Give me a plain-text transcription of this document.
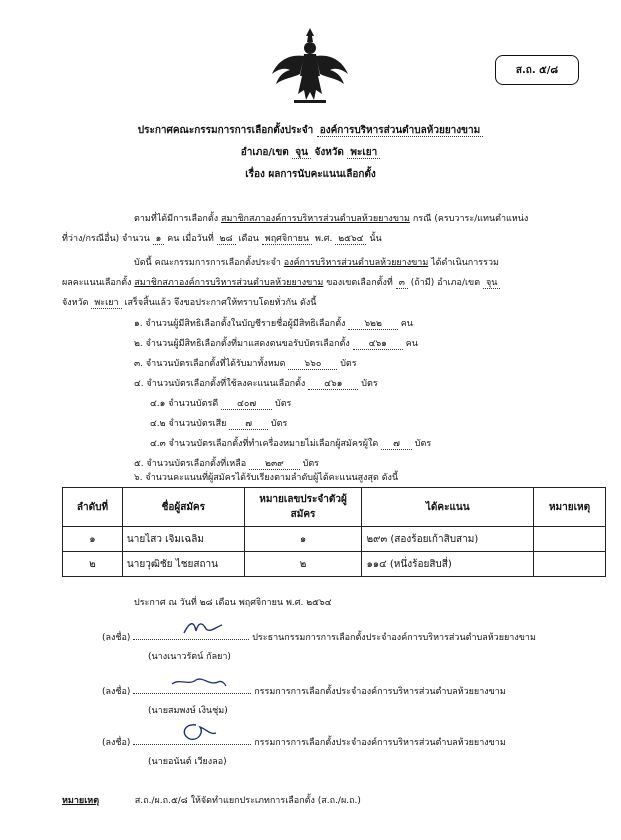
ส.ถ. ๕/๘
ประกาศคณะกรรมการการเลือกตั้งประจำ องค์การบริหารส่วนตำบลห้วยยางขาม
อำเภอ/เขต จุน จังหวัด พะเยา
เรื่อง ผลการนับคะแนนเลือกตั้ง
ตามที่ได้มีการเลือกตั้ง สมาชิกสภาองค์การบริหารส่วนตำบลห้วยยางขาม กรณี (ครบวาระ/แทนตำแหน่ง
ที่ว่าง/กรณีอื่น) จำนวน ๑ คน เมื่อวันที่ ๒๘ เดือน พฤศจิกายน พ.ศ. ๒๕๖๔ นั้น
บัดนี้ คณะกรรมการการเลือกตั้งประจำ องค์การบริหารส่วนตำบลห้วยยางขาม ได้ดำเนินการรวม
ผลคะแนนเลือกตั้ง สมาชิกสภาองค์การบริหารส่วนตำบลห้วยยางขาม ของเขตเลือกตั้งที่ ๓ (ถ้ามี) อำเภอ/เขต จุน
จังหวัด พะเยา เสร็จสิ้นแล้ว จึงขอประกาศให้ทราบโดยทั่วกัน ดังนี้
๑. จำนวนผู้มีสิทธิเลือกตั้งในบัญชีรายชื่อผู้มีสิทธิเลือกตั้ง ๖๒๒ คน
๒. จำนวนผู้มีสิทธิเลือกตั้งที่มาแสดงตนขอรับบัตรเลือกตั้ง ๔๖๑ คน
๓. จำนวนบัตรเลือกตั้งที่ได้รับมาทั้งหมด ๖๖๐ บัตร
๔. จำนวนบัตรเลือกตั้งที่ใช้ลงคะแนนเลือกตั้ง ๔๖๑ บัตร
๔.๑ จำนวนบัตรดี ๔๐๗ บัตร
๔.๒ จำนวนบัตรเสีย ๗ บัตร
๔.๓ จำนวนบัตรเลือกตั้งที่ทำเครื่องหมายไม่เลือกผู้สมัครผู้ใด ๗ บัตร
๕. จำนวนบัตรเลือกตั้งที่เหลือ ๒๓๙ บัตร
๖. จำนวนคะแนนที่ผู้สมัครได้รับเรียงตามลำดับผู้ได้คะแนนสูงสุด ดังนี้
ลำดับที่	ชื่อผู้สมัคร	หมายเลขประจำตัวผู้สมัคร	ได้คะแนน	หมายเหตุ
๑	นายไสว เจิมเฉลิม	๑	๒๙๓ (สองร้อยเก้าสิบสาม)	
๒	นายวุฒิชัย ไชยสถาน	๒	๑๑๔ (หนึ่งร้อยสิบสี่)	
ประกาศ ณ วันที่ ๒๘ เดือน พฤศจิกายน พ.ศ. ๒๕๖๔
(ลงชื่อ)	ประธานกรรมการการเลือกตั้งประจำองค์การบริหารส่วนตำบลห้วยยางขาม
(นางเนาวรัตน์ กัลยา)
(ลงชื่อ)	กรรมการการเลือกตั้งประจำองค์การบริหารส่วนตำบลห้วยยางขาม
(นายสมพงษ์ เงินชุ่ม)
(ลงชื่อ)	กรรมการการเลือกตั้งประจำองค์การบริหารส่วนตำบลห้วยยางขาม
(นายอนันต์ เวียงลอ)
หมายเหตุ	ส.ถ./ผ.ถ.๕/๘ ให้จัดทำแยกประเภทการเลือกตั้ง (ส.ถ./ผ.ถ.)
